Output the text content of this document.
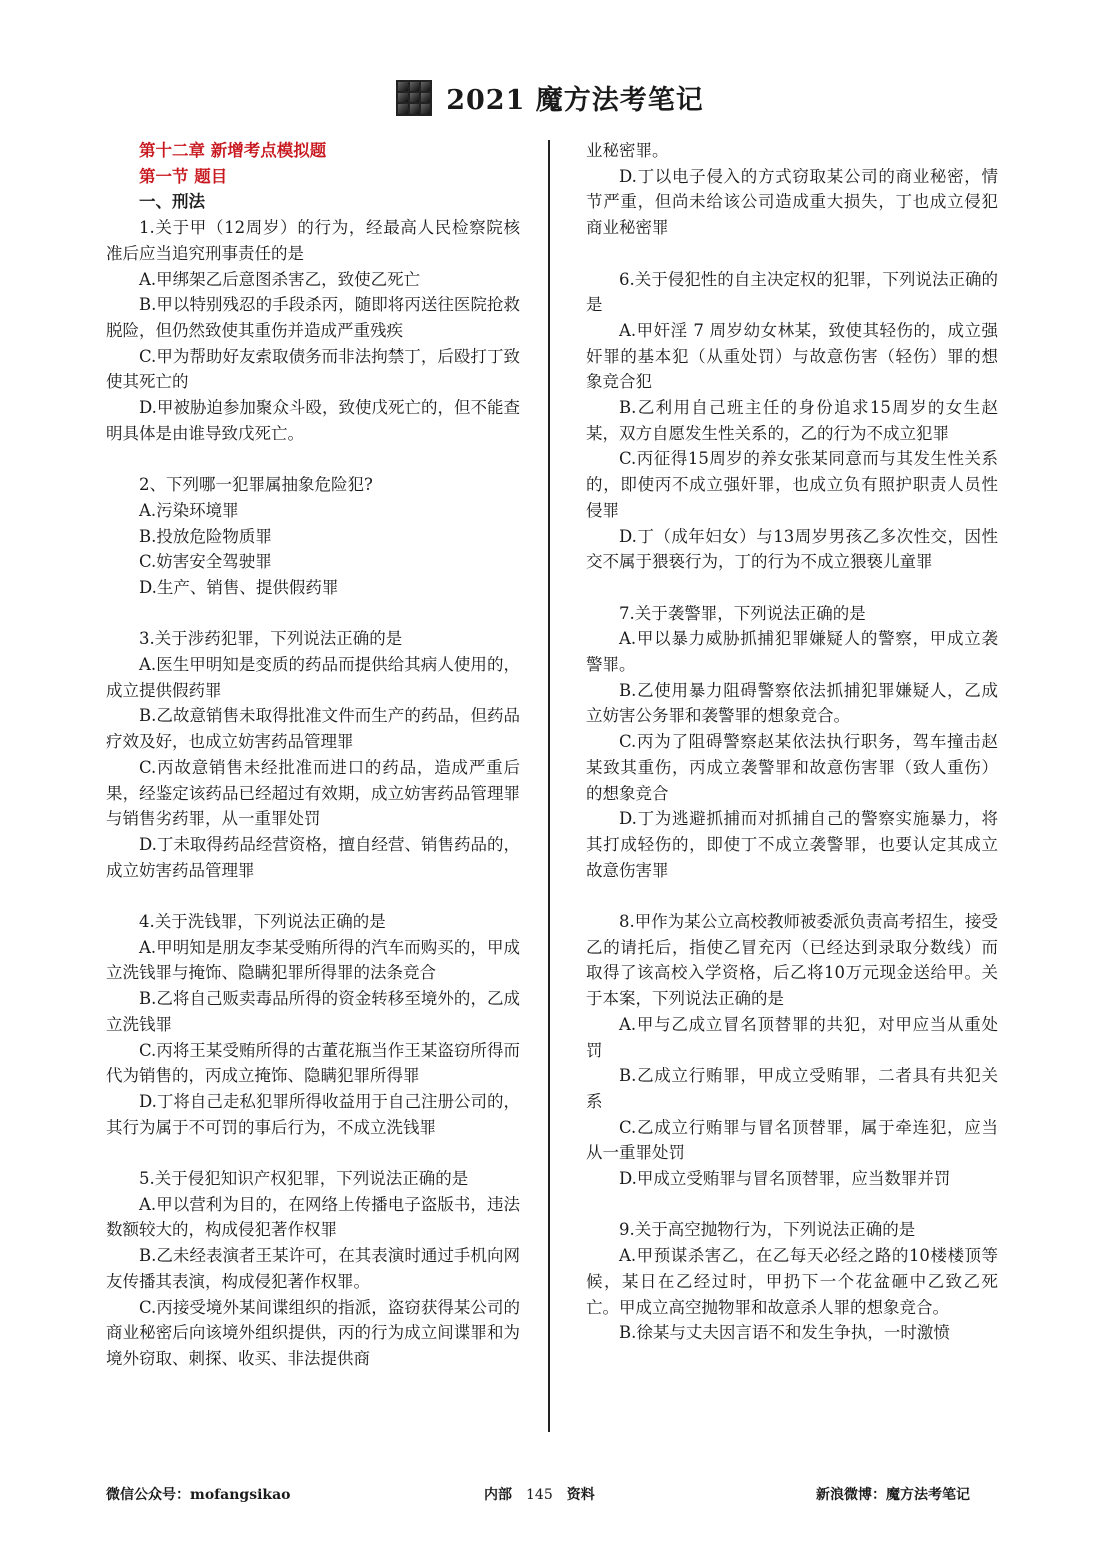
2021 魔方法考笔记

第十二章 新增考点模拟题

第一节 题目

一、刑法

1.关于甲（12周岁）的行为，经最高人民检察院核准后应当追究刑事责任的是

A.甲绑架乙后意图杀害乙，致使乙死亡

B.甲以特别残忍的手段杀丙，随即将丙送往医院抢救脱险，但仍然致使其重伤并造成严重残疾

C.甲为帮助好友索取债务而非法拘禁丁，后殴打丁致使其死亡的

D.甲被胁迫参加聚众斗殴，致使戊死亡的，但不能查明具体是由谁导致戊死亡。

2、下列哪一犯罪属抽象危险犯?

A.污染环境罪

B.投放危险物质罪

C.妨害安全驾驶罪

D.生产、销售、提供假药罪

3.关于涉药犯罪，下列说法正确的是

A.医生甲明知是变质的药品而提供给其病人使用的，成立提供假药罪

B.乙故意销售未取得批准文件而生产的药品，但药品疗效及好，也成立妨害药品管理罪

C.丙故意销售未经批准而进口的药品，造成严重后果，经鉴定该药品已经超过有效期，成立妨害药品管理罪与销售劣药罪，从一重罪处罚

D.丁未取得药品经营资格，擅自经营、销售药品的，成立妨害药品管理罪

4.关于洗钱罪，下列说法正确的是

A.甲明知是朋友李某受贿所得的汽车而购买的，甲成立洗钱罪与掩饰、隐瞒犯罪所得罪的法条竞合

B.乙将自己贩卖毒品所得的资金转移至境外的，乙成立洗钱罪

C.丙将王某受贿所得的古董花瓶当作王某盗窃所得而代为销售的，丙成立掩饰、隐瞒犯罪所得罪

D.丁将自己走私犯罪所得收益用于自己注册公司的，其行为属于不可罚的事后行为，不成立洗钱罪

5.关于侵犯知识产权犯罪，下列说法正确的是

A.甲以营利为目的，在网络上传播电子盗版书，违法数额较大的，构成侵犯著作权罪

B.乙未经表演者王某许可，在其表演时通过手机向网友传播其表演，构成侵犯著作权罪。

C.丙接受境外某间谍组织的指派，盗窃获得某公司的商业秘密后向该境外组织提供，丙的行为成立间谍罪和为境外窃取、刺探、收买、非法提供商

业秘密罪。

D.丁以电子侵入的方式窃取某公司的商业秘密，情节严重，但尚未给该公司造成重大损失，丁也成立侵犯商业秘密罪

6.关于侵犯性的自主决定权的犯罪，下列说法正确的是

A.甲奸淫 7 周岁幼女林某，致使其轻伤的，成立强奸罪的基本犯（从重处罚）与故意伤害（轻伤）罪的想象竞合犯

B.乙利用自己班主任的身份追求15周岁的女生赵某，双方自愿发生性关系的，乙的行为不成立犯罪

C.丙征得15周岁的养女张某同意而与其发生性关系的，即使丙不成立强奸罪，也成立负有照护职责人员性侵罪

D.丁（成年妇女）与13周岁男孩乙多次性交，因性交不属于猥亵行为，丁的行为不成立猥亵儿童罪

7.关于袭警罪，下列说法正确的是

A.甲以暴力威胁抓捕犯罪嫌疑人的警察，甲成立袭警罪。

B.乙使用暴力阻碍警察依法抓捕犯罪嫌疑人，乙成立妨害公务罪和袭警罪的想象竞合。

C.丙为了阻碍警察赵某依法执行职务，驾车撞击赵某致其重伤，丙成立袭警罪和故意伤害罪（致人重伤）的想象竞合

D.丁为逃避抓捕而对抓捕自己的警察实施暴力，将其打成轻伤的，即使丁不成立袭警罪，也要认定其成立故意伤害罪

8.甲作为某公立高校教师被委派负责高考招生，接受乙的请托后，指使乙冒充丙（已经达到录取分数线）而取得了该高校入学资格，后乙将10万元现金送给甲。关于本案，下列说法正确的是

A.甲与乙成立冒名顶替罪的共犯，对甲应当从重处罚

B.乙成立行贿罪，甲成立受贿罪，二者具有共犯关系

C.乙成立行贿罪与冒名顶替罪，属于牵连犯，应当从一重罪处罚

D.甲成立受贿罪与冒名顶替罪，应当数罪并罚

9.关于高空抛物行为，下列说法正确的是

A.甲预谋杀害乙，在乙每天必经之路的10楼楼顶等候，某日在乙经过时，甲扔下一个花盆砸中乙致乙死亡。甲成立高空抛物罪和故意杀人罪的想象竞合。

B.徐某与丈夫因言语不和发生争执，一时激愤

微信公众号：mofangsikao	内部 145 资料	新浪微博：魔方法考笔记
